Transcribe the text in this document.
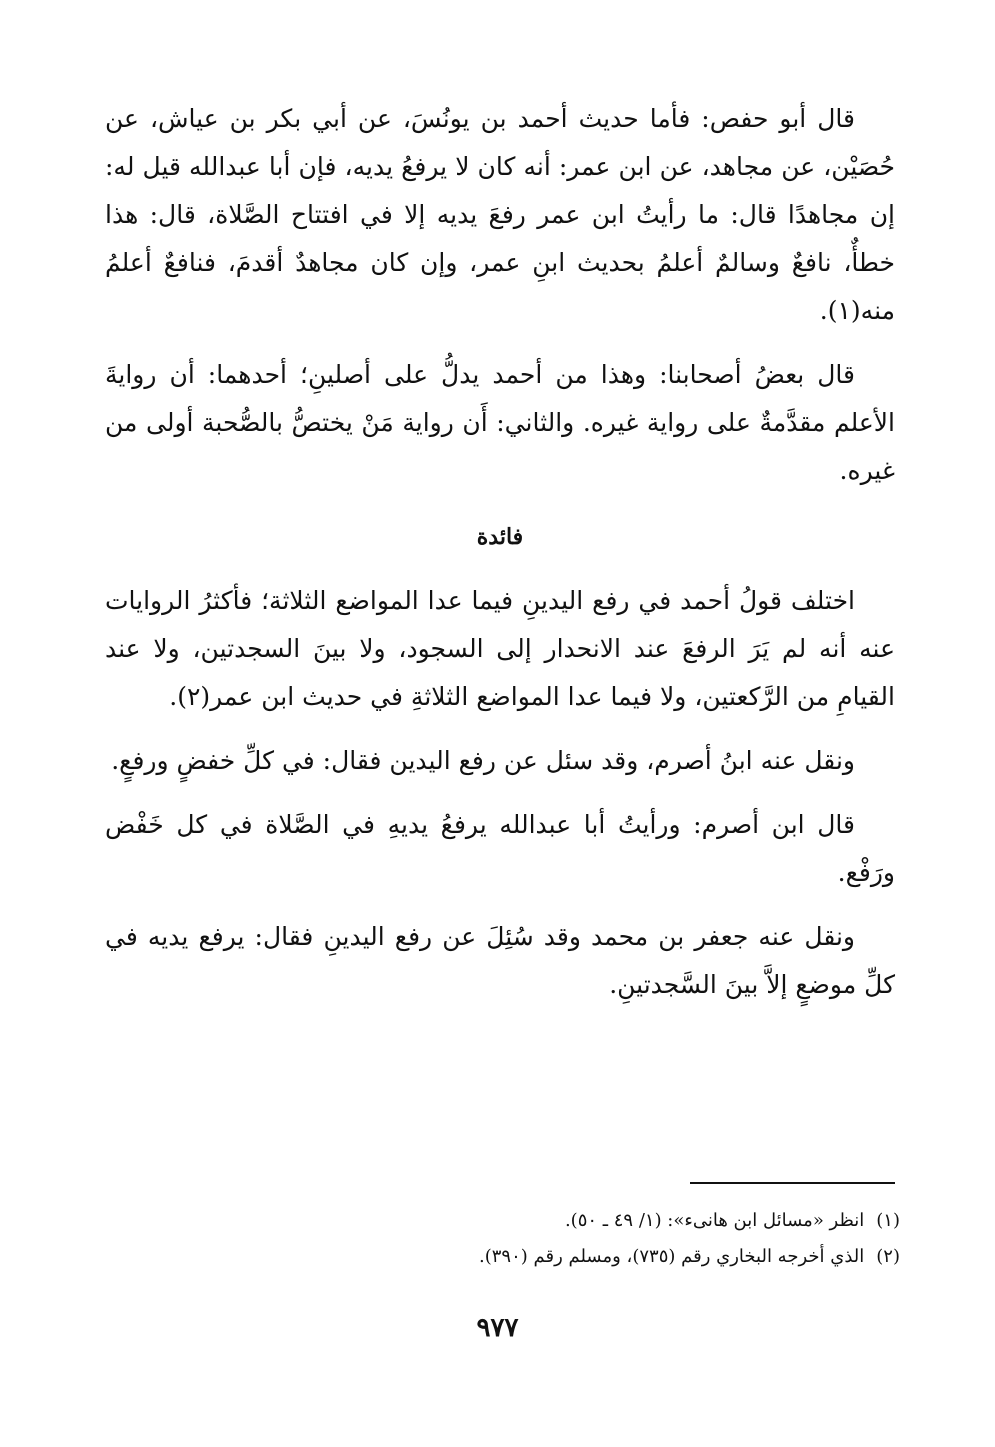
قال أبو حفص: فأما حديث أحمد بن يونُسَ، عن أبي بكر بن عياش، عن حُصَيْن، عن مجاهد، عن ابن عمر: أنه كان لا يرفعُ يديه، فإن أبا عبدالله قيل له: إن مجاهدًا قال: ما رأيتُ ابن عمر رفعَ يديه إلا في افتتاح الصَّلاة، قال: هذا خطأٌ، نافعٌ وسالمٌ أعلمُ بحديث ابنِ عمر، وإن كان مجاهدٌ أقدمَ، فنافعٌ أعلمُ منه(١).

قال بعضُ أصحابنا: وهذا من أحمد يدلُّ على أصلينِ؛ أحدهما: أن روايةَ الأعلم مقدَّمةٌ على رواية غيره. والثاني: أَن رواية مَنْ يختصُّ بالصُّحبة أولى من غيره.

فائدة

اختلف قولُ أحمد في رفع اليدينِ فيما عدا المواضع الثلاثة؛ فأكثرُ الروايات عنه أنه لم يَرَ الرفعَ عند الانحدار إلى السجود، ولا بينَ السجدتين، ولا عند القيامِ من الرَّكعتين، ولا فيما عدا المواضع الثلاثةِ في حديث ابن عمر(٢).

ونقل عنه ابنُ أصرم، وقد سئل عن رفع اليدين فقال: في كلِّ خفضٍ ورفعٍ.

قال ابن أصرم: ورأيتُ أبا عبدالله يرفعُ يديهِ في الصَّلاة في كل خَفْض ورَفْع.

ونقل عنه جعفر بن محمد وقد سُئِلَ عن رفع اليدينِ فقال: يرفع يديه في كلِّ موضعٍ إلاَّ بينَ السَّجدتينِ.

(١)انظر «مسائل ابن هانىء»: (١/ ٤٩ ـ ٥٠).

(٢)الذي أخرجه البخاري رقم (٧٣٥)، ومسلم رقم (٣٩٠).

٩٧٧
